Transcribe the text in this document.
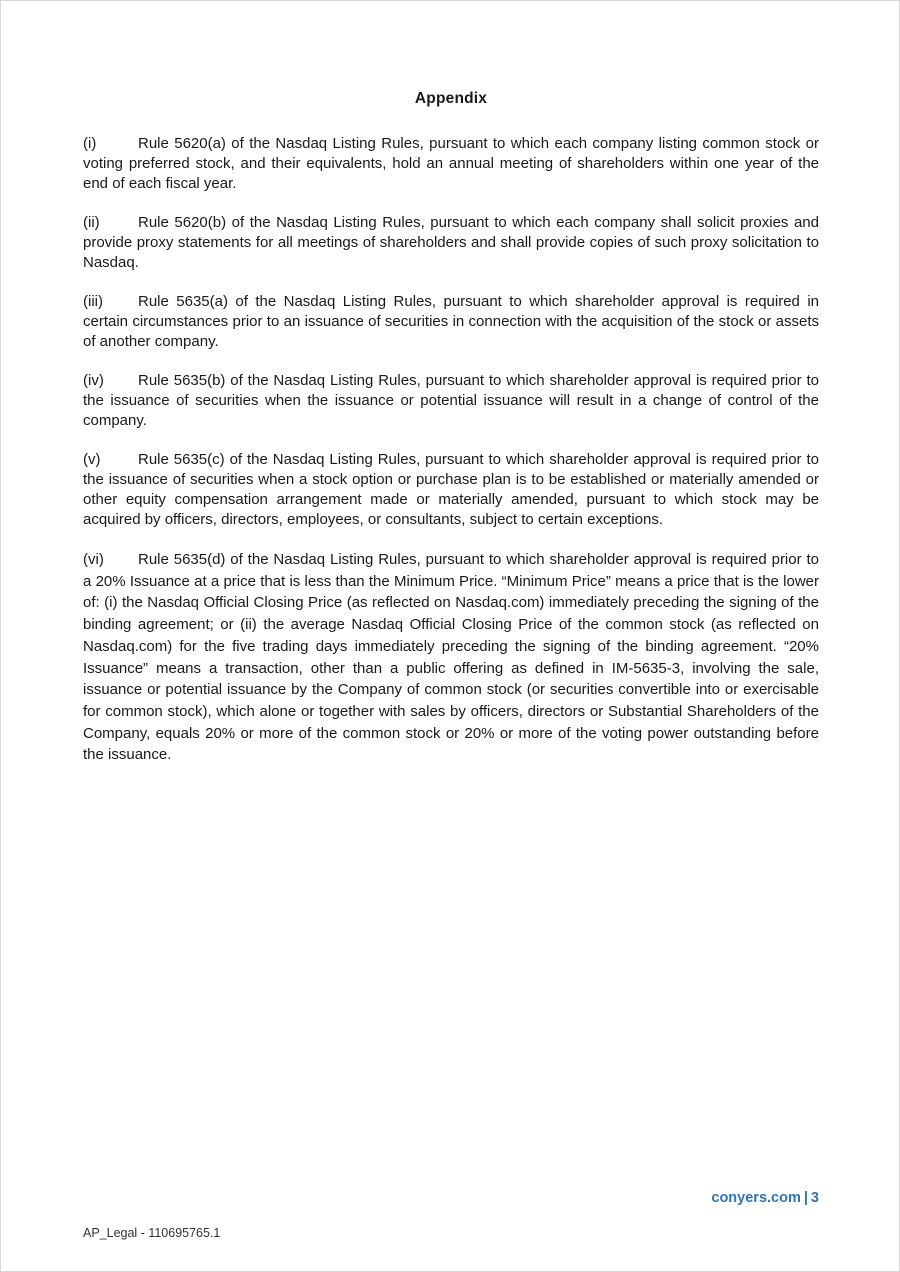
Appendix

(i)	Rule 5620(a) of the Nasdaq Listing Rules, pursuant to which each company listing common stock or voting preferred stock, and their equivalents, hold an annual meeting of shareholders within one year of the end of each fiscal year.

(ii)	Rule 5620(b) of the Nasdaq Listing Rules, pursuant to which each company shall solicit proxies and provide proxy statements for all meetings of shareholders and shall provide copies of such proxy solicitation to Nasdaq.

(iii) Rule 5635(a) of the Nasdaq Listing Rules, pursuant to which shareholder approval is required in certain circumstances prior to an issuance of securities in connection with the acquisition of the stock or assets of another company.

(iv) Rule 5635(b) of the Nasdaq Listing Rules, pursuant to which shareholder approval is required prior to the issuance of securities when the issuance or potential issuance will result in a change of control of the company.

(v)	Rule 5635(c) of the Nasdaq Listing Rules, pursuant to which shareholder approval is required prior to the issuance of securities when a stock option or purchase plan is to be established or materially amended or other equity compensation arrangement made or materially amended, pursuant to which stock may be acquired by officers, directors, employees, or consultants, subject to certain exceptions.

(vi) Rule 5635(d) of the Nasdaq Listing Rules, pursuant to which shareholder approval is required prior to a 20% Issuance at a price that is less than the Minimum Price. “Minimum Price” means a price that is the lower of: (i) the Nasdaq Official Closing Price (as reflected on Nasdaq.com) immediately preceding the signing of the binding agreement; or (ii) the average Nasdaq Official Closing Price of the common stock (as reflected on Nasdaq.com) for the five trading days immediately preceding the signing of the binding agreement. “20% Issuance” means a transaction, other than a public offering as defined in IM-5635-3, involving the sale, issuance or potential issuance by the Company of common stock (or securities convertible into or exercisable for common stock), which alone or together with sales by officers, directors or Substantial Shareholders of the Company, equals 20% or more of the common stock or 20% or more of the voting power outstanding before the issuance.

conyers.com | 3
AP_Legal - 110695765.1
